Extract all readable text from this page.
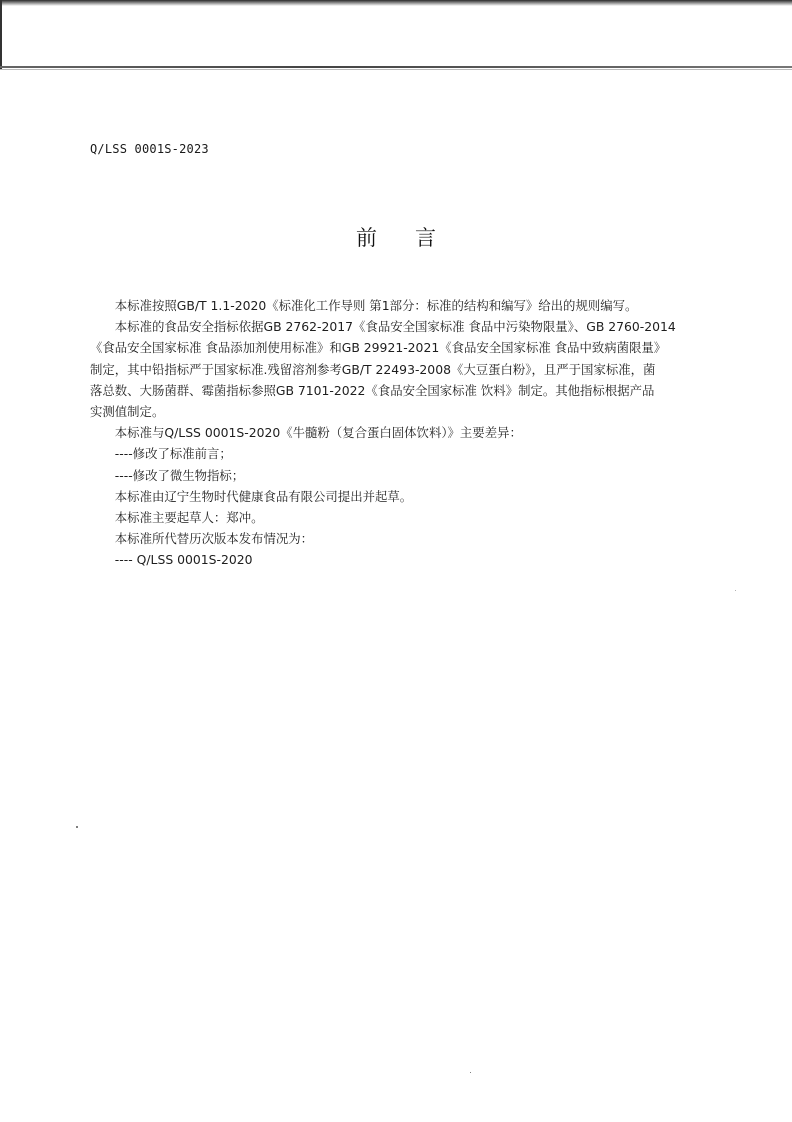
Q/LSS 0001S-2023
前言

本标准按照GB/T 1.1-2020《标准化工作导则 第1部分：标准的结构和编写》给出的规则编写。

本标准的食品安全指标依据GB 2762-2017《食品安全国家标准 食品中污染物限量》、GB 2760-2014

《食品安全国家标准 食品添加剂使用标准》和GB 29921-2021《食品安全国家标准 食品中致病菌限量》

制定，其中铅指标严于国家标准.残留溶剂参考GB/T 22493-2008《大豆蛋白粉》，且严于国家标准，菌

落总数、大肠菌群、霉菌指标参照GB 7101-2022《食品安全国家标准 饮料》制定。其他指标根据产品

实测值制定。

本标准与Q/LSS 0001S-2020《牛髓粉（复合蛋白固体饮料）》主要差异：

----修改了标准前言；

----修改了微生物指标；

本标准由辽宁生物时代健康食品有限公司提出并起草。

本标准主要起草人：郑冲。

本标准所代替历次版本发布情况为：

---- Q/LSS 0001S-2020
